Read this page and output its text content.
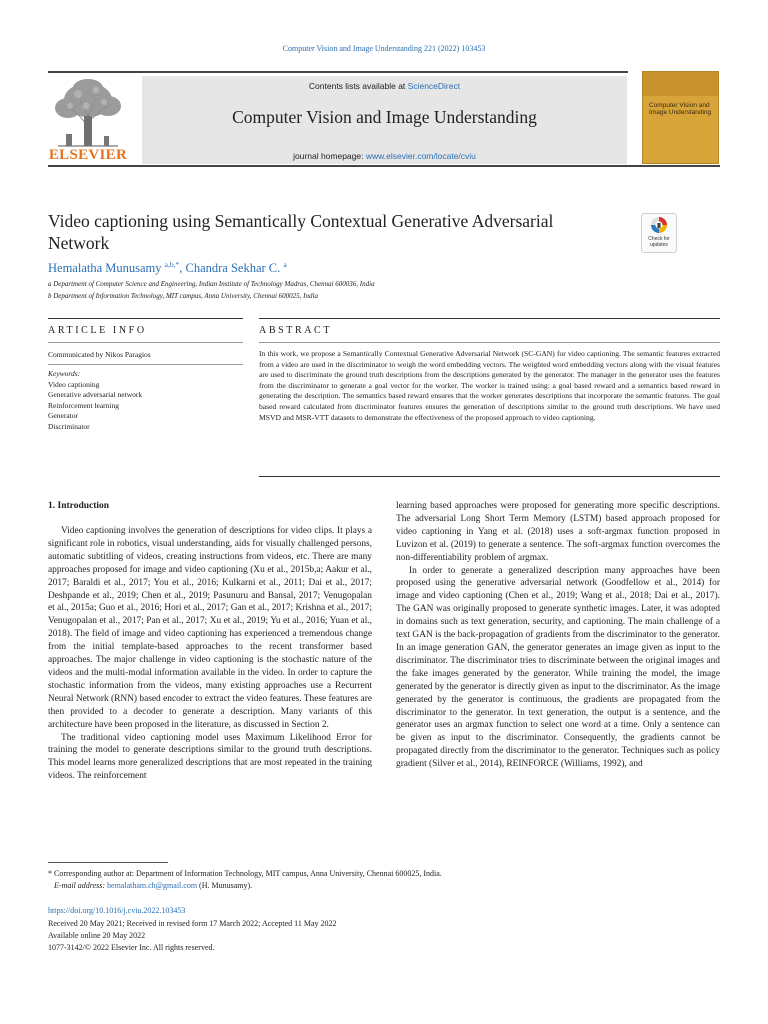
Computer Vision and Image Understanding 221 (2022) 103453
ELSEVIER
Contents lists available at ScienceDirect
Computer Vision and Image Understanding
journal homepage: www.elsevier.com/locate/cviu
Computer Vision and Image Understanding
Video captioning using Semantically Contextual Generative Adversarial Network	Check for updates
Hemalatha Munusamy $^{a,b,*}$, Chandra Sekhar C. $^a$
a Department of Computer Science and Engineering, Indian Institute of Technology Madras, Chennai 600036, India
b Department of Information Technology, MIT campus, Anna University, Chennai 600025, India
ARTICLE INFO	ABSTRACT
Communicated by Nikos Paragios
Keywords:
Video captioning
Generative adversarial network
Reinforcement learning
Generator
Discriminator
In this work, we propose a Semantically Contextual Generative Adversarial Network (SC-GAN) for video captioning. The semantic features extracted from a video are used in the discriminator to weigh the word embedding vectors. The weighted word embedding vectors along with the visual features are used to discriminate the ground truth descriptions from the descriptions generated by the generator. The manager in the generator uses the features from the discriminator to generate a goal vector for the worker. The worker is trained using: a goal based reward and a semantics based reward in generating the description. The semantics based reward ensures that the worker generates descriptions that incorporate the semantic features. The goal based reward calculated from discriminator features ensures the generation of descriptions similar to the ground truth descriptions. We have used MSVD and MSR-VTT datasets to demonstrate the effectiveness of the proposed approach to video captioning.
1. Introduction
Video captioning involves the generation of descriptions for video clips. It plays a significant role in robotics, visual understanding, aids for visually challenged persons, automatic subtitling of videos, creating instructions from videos, etc. There are many approaches proposed for image and video captioning (Xu et al., 2015b,a; Aakur et al., 2017; Baraldi et al., 2017; You et al., 2016; Kulkarni et al., 2011; Dai et al., 2017; Deshpande et al., 2019; Chen et al., 2019; Pasunuru and Bansal, 2017; Venugopalan et al., 2015a; Guo et al., 2016; Hori et al., 2017; Gan et al., 2017; Krishna et al., 2017; Venugopalan et al., 2017; Pan et al., 2017; Xu et al., 2019; Yu et al., 2016; Yuan et al., 2018). The field of image and video captioning has experienced a tremendous change from the initial template-based approaches to the recent transformer based approaches. The major challenge in video captioning is the stochastic nature of the videos and the multi-modal information available in the video. In order to capture the stochastic information from the videos, many existing approaches use a Recurrent Neural Network (RNN) based encoder to extract the video features. These features are then provided to a decoder to generate a description. Many variants of this architecture have been proposed in the literature, as discussed in Section 2.
The traditional video captioning model uses Maximum Likelihood Error for training the model to generate descriptions similar to the ground truth descriptions. This model learns more generalized descriptions that are most repeated in the training videos. The reinforcement
learning based approaches were proposed for generating more specific descriptions. The adversarial Long Short Term Memory (LSTM) based approach proposed for video captioning in Yang et al. (2018) uses a soft-argmax function proposed in Luvizon et al. (2019) to generate a sentence. The soft-argmax function overcomes the non-differentiability problem of argmax.
In order to generate a generalized description many approaches have been proposed using the generative adversarial network (Goodfellow et al., 2014) for image and video captioning (Chen et al., 2019; Wang et al., 2018; Dai et al., 2017). The GAN was originally proposed to generate synthetic images. Later, it was adopted in domains such as text generation, security, and captioning. The main challenge of a text GAN is the back-propagation of gradients from the discriminator to the generator. In an image generation GAN, the generator generates an image given as input to the discriminator. The discriminator tries to discriminate between the original images and the fake images generated by the generator. While training the model, the image generated by the generator is directly given as input to the discriminator. As the image generated by the generator is continuous, the gradients are propagated from the discriminator to the generator. In text generation, the output is a sentence, and the generator uses an argmax function to select one word at a time. Only a sentence can be given as input to the discriminator. Consequently, the gradients cannot be propagated directly from the discriminator to the generator. Techniques such as policy gradient (Silver et al., 2014), REINFORCE (Williams, 1992), and
* Corresponding author at: Department of Information Technology, MIT campus, Anna University, Chennai 600025, India.
E-mail address: hemalatham.ch@gmail.com (H. Munusamy).
https://doi.org/10.1016/j.cviu.2022.103453
Received 20 May 2021; Received in revised form 17 March 2022; Accepted 11 May 2022
Available online 20 May 2022
1077-3142/© 2022 Elsevier Inc. All rights reserved.
